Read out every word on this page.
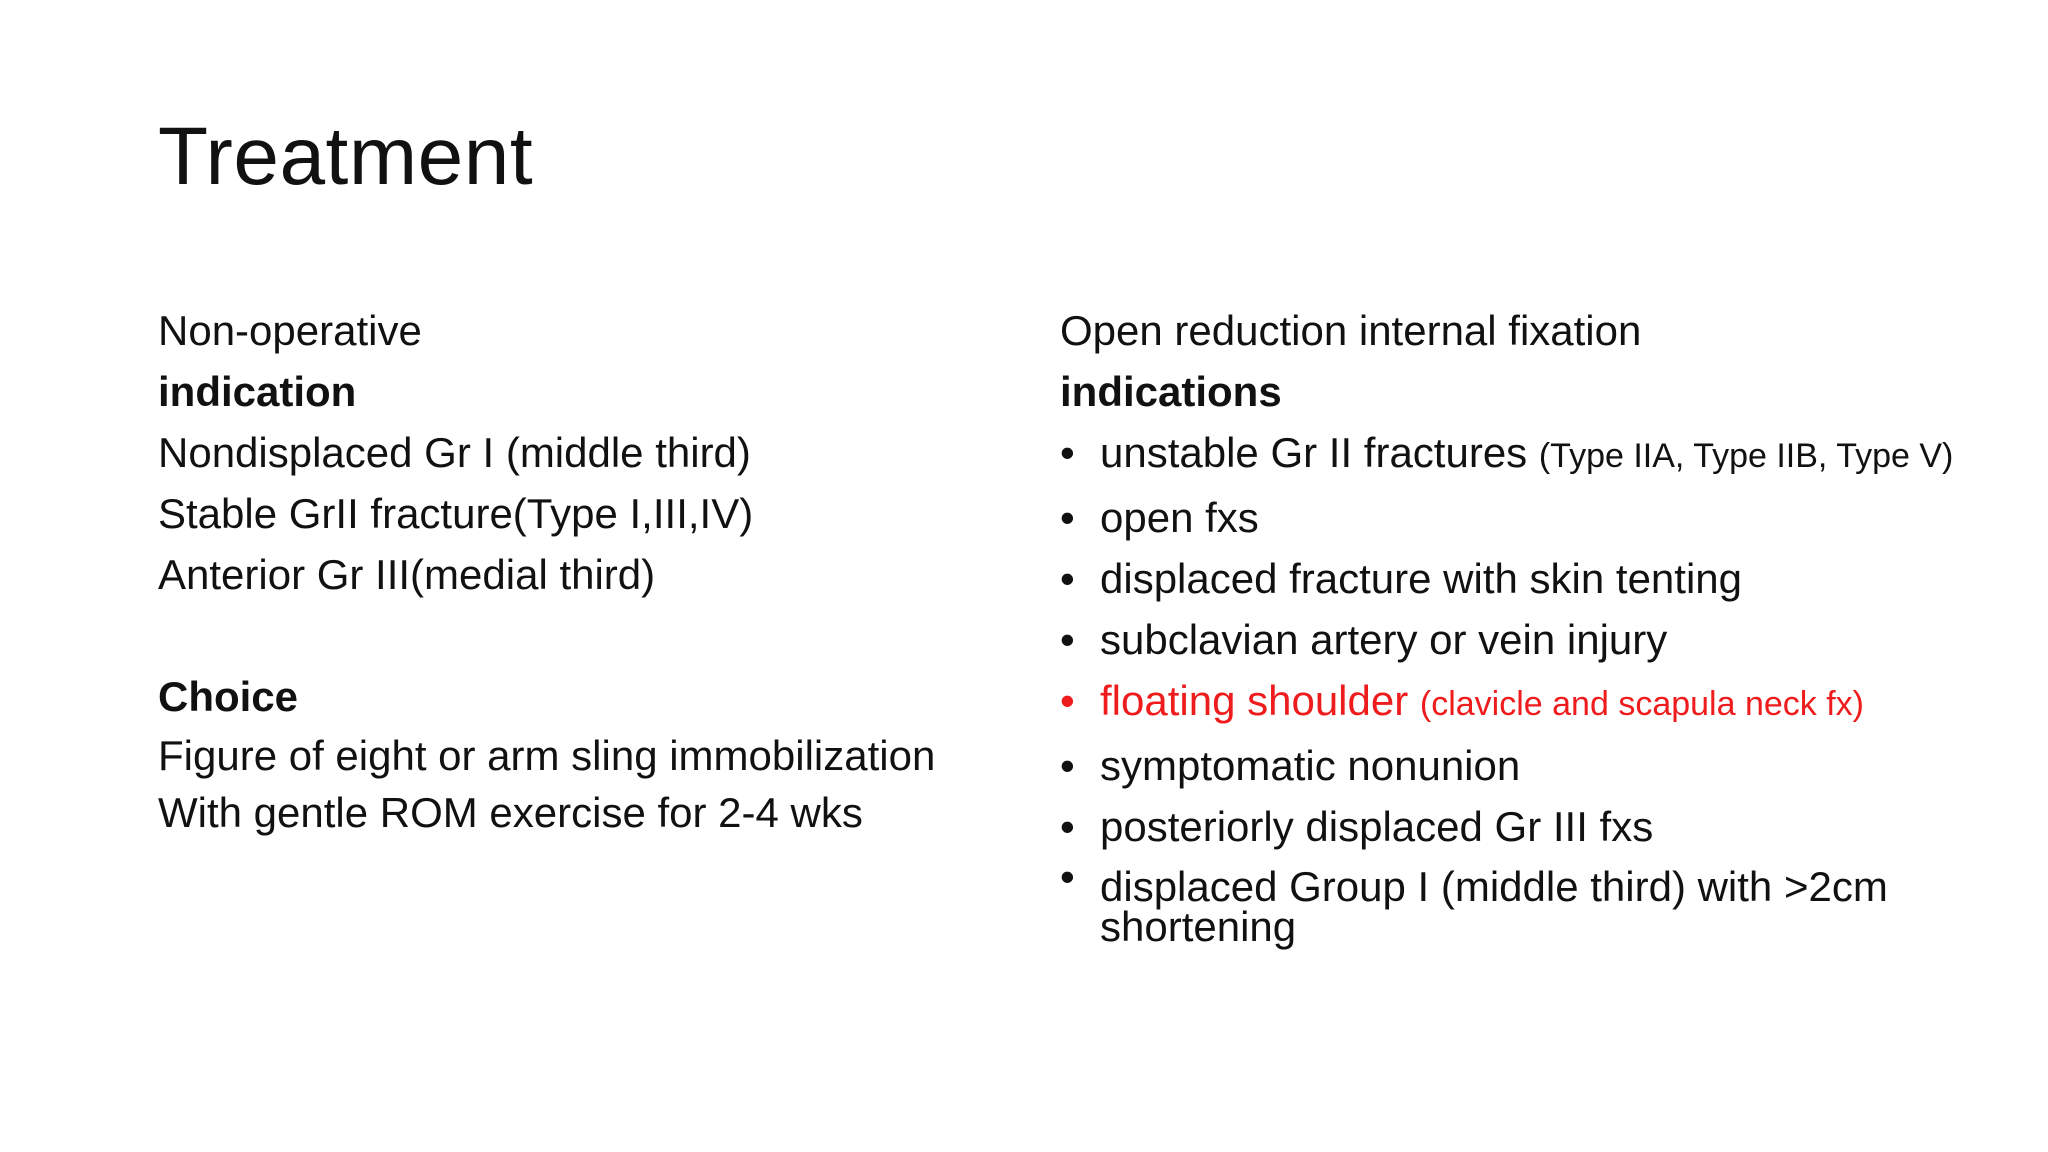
Treatment
Non-operative
indication
Nondisplaced Gr I (middle third)
Stable GrII fracture(Type I,III,IV)
Anterior Gr III(medial third)
Choice
Figure of eight or arm sling immobilization
With gentle ROM exercise for 2-4 wks
Open reduction internal fixation
indications
• unstable Gr II fractures (Type IIA, Type IIB, Type V)
• open fxs
• displaced fracture with skin tenting
• subclavian artery or vein injury
• floating shoulder (clavicle and scapula neck fx)
• symptomatic nonunion
• posteriorly displaced Gr III fxs
• displaced Group I (middle third) with >2cm shortening
